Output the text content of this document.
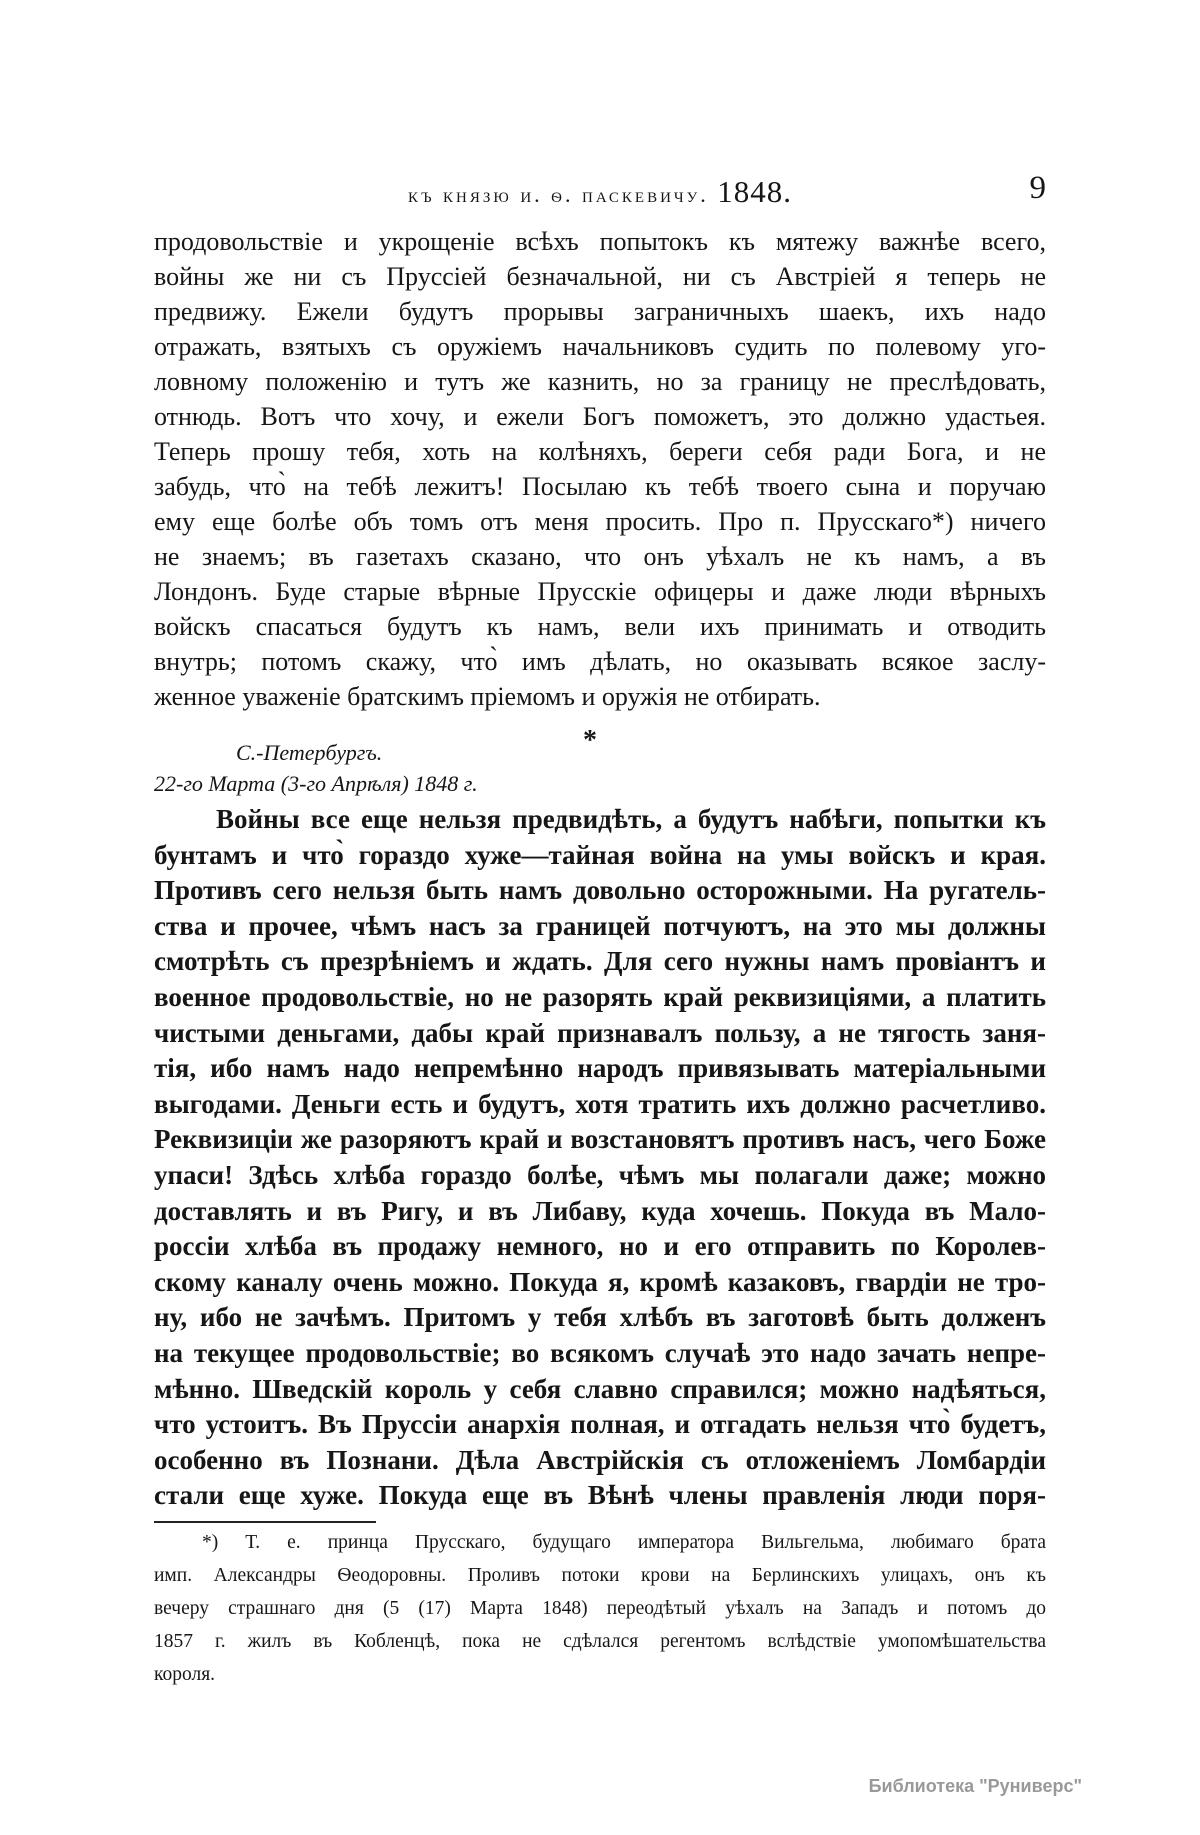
къ князю и. ѳ. паскевичу. 1848.	9
продовольствiе и укрощенiе всѣхъ попытокъ къ мятежу важнѣе всего,
войны же ни съ Прусciей безначальной, ни съ Австрiей я теперь не
предвижу. Ежели будутъ прорывы заграничныхъ шаекъ, ихъ надо
отражать, взятыхъ съ оружiемъ начальниковъ судить по полевому уго-
ловному положенiю и тутъ же казнить, но за границу не преслѣдовать,
отнюдь. Вотъ что хочу, и ежели Богъ поможетъ, это должно удастьея.
Теперь прошу тебя, хоть на колѣняхъ, береги себя ради Бога, и не
забудь, что̀ на тебѣ лежитъ! Посылаю къ тебѣ твоего сына и поручаю
ему еще болѣе объ томъ отъ меня просить. Про п. Прусскаго*) ничего
не знаемъ; въ газетахъ сказано, что онъ уѣхалъ не къ намъ, а въ
Лондонъ. Буде старые вѣрные Прусскiе офицеры и даже люди вѣрныхъ
войскъ спасаться будутъ къ намъ, вели ихъ принимать и отводить
внутрь; потомъ скажу, что̀ имъ дѣлать, но оказывать всякое заслу-
женное уваженiе братскимъ прiемомъ и оружiя не отбирать.
*
С.-Петербургъ.
22-го Марта (3-го Апрѣля) 1848 г.
Войны все еще нельзя предвидѣть, а будутъ набѣги, попытки къ
бунтамъ и что̀ гораздо хуже—тайная война на умы войскъ и края.
Противъ сего нельзя быть намъ довольно осторожными. На ругатель-
ства и прочее, чѣмъ насъ за границей потчуютъ, на это мы должны
смотрѣть съ презрѣнiемъ и ждать. Для сего нужны намъ провiантъ и
военное продовольствiе, но не разорять край реквизицiями, а платить
чистыми деньгами, дабы край признавалъ пользу, а не тягость заня-
тiя, ибо намъ надо непремѣнно народъ привязывать матерiальными
выгодами. Деньги есть и будутъ, хотя тратить ихъ должно расчетливо.
Реквизицiи же разоряютъ край и возстановятъ противъ насъ, чего Боже
упаси! Здѣсь хлѣба гораздо болѣе, чѣмъ мы полагали даже; можно
доставлять и въ Ригу, и въ Либаву, куда хочешь. Покуда въ Мало-
россiи хлѣба въ продажу немного, но и его отправить по Королев-
скому каналу очень можно. Покуда я, кромѣ казаковъ, гвардiи не тро-
ну, ибо не зачѣмъ. Притомъ у тебя хлѣбъ въ заготовѣ быть долженъ
на текущее продовольствiе; во всякомъ случаѣ это надо зачать непре-
мѣнно. Шведскiй король у себя славно справился; можно надѣяться,
что устоитъ. Въ Пруссiи анархiя полная, и отгадать нельзя что̀ будетъ,
особенно въ Познани. Дѣла Австрiйскiя съ отложенiемъ Ломбардiи
стали еще хуже. Покуда еще въ Вѣнѣ члены правленiя люди поря-
*) Т. е. принца Прусскаго, будущаго императора Вильгельма, любимаго брата
имп. Александры Ѳеодоровны. Проливъ потоки крови на Берлинскихъ улицахъ, онъ къ
вечеру страшнаго дня (5 (17) Марта 1848) переодѣтый уѣхалъ на Западъ и потомъ до
1857 г. жилъ въ Кобленцѣ, пока не сдѣлался регентомъ вслѣдствiе умопомѣшательства
короля.
Библиотека "Руниверс"
